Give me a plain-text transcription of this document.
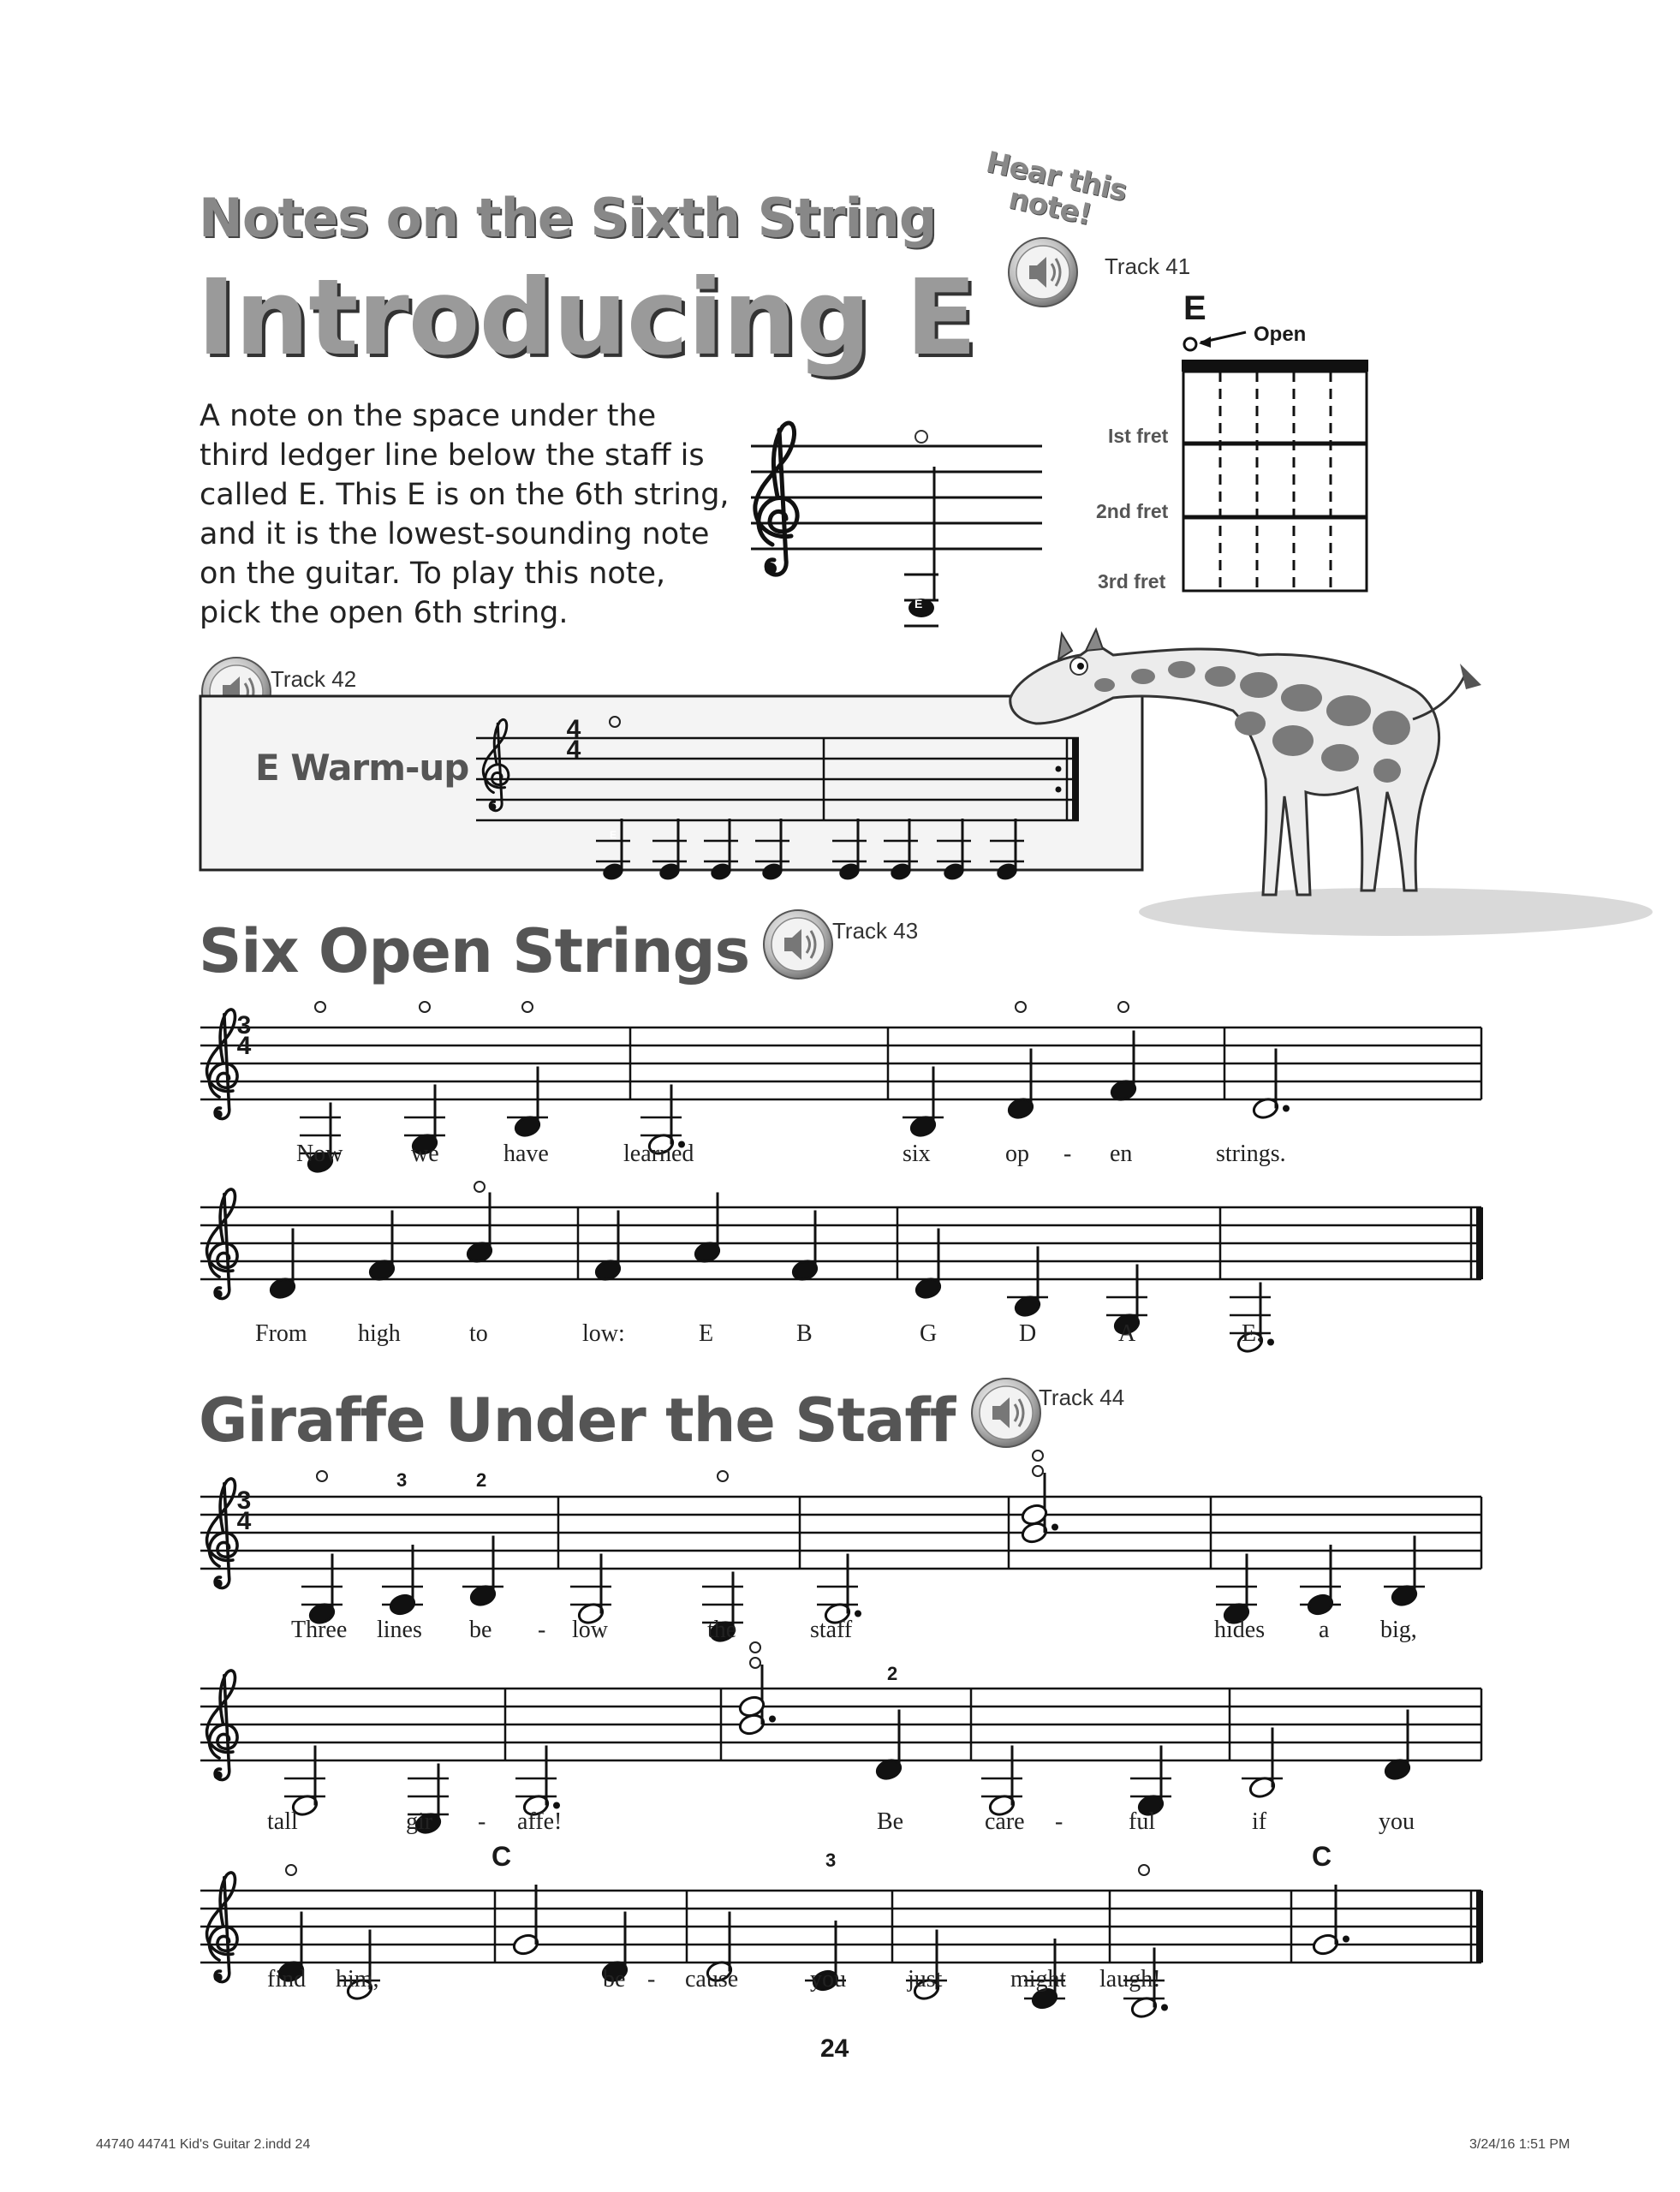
Notes on the Sixth String
Introducing E
Hear this note!
Track 41
A note on the space under the
third ledger line below the staff is
called E. This E is on the 6th string,
and it is the lowest-sounding note
on the guitar. To play this note,
pick the open 6th string.	E
E
Open
Ist fret
2nd fret
3rd fret
Track 42
E Warm-up
4
4
E
Six Open Strings	Track 43
3
4
Now	we	have	learned	six	op - en	strings.
From high	to	low:	E	B	G	D	A	E.
Giraffe Under the Staff	Track 44
3
4
3	2
2
C	C
3
Three lines be - low	the	staff	hides a big,
tall	gir - affe!	Be	care -	ful	if	you
find him,	be - cause	you	just	might laugh!
24
44740 44741 Kid's Guitar 2.indd 24	3/24/16 1:51 PM
